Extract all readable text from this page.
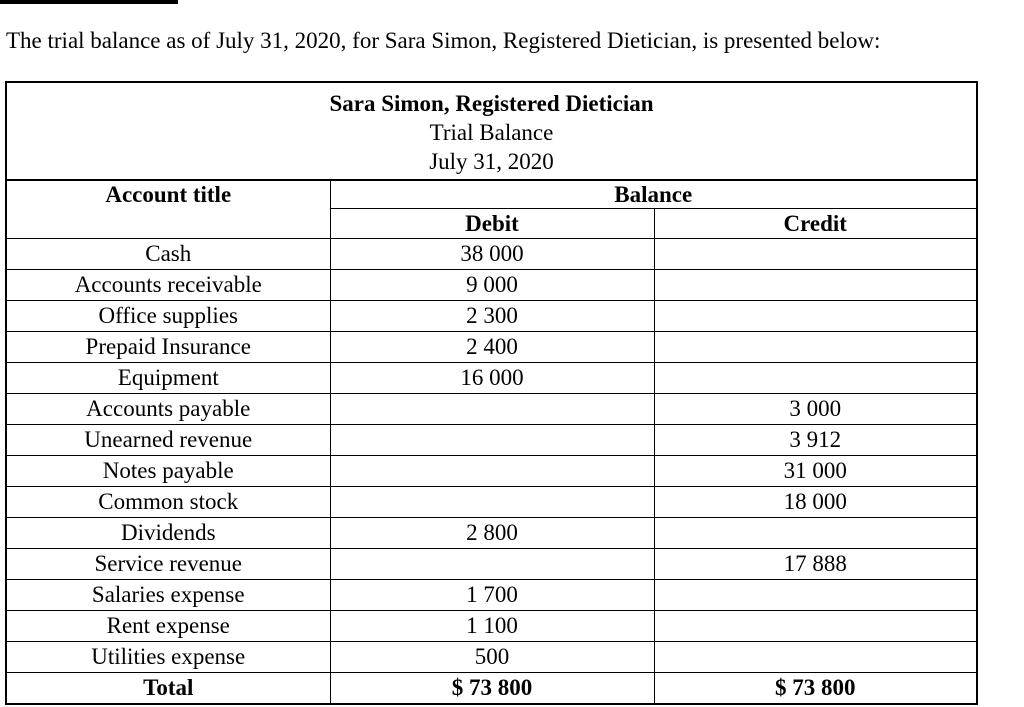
The trial balance as of July 31, 2020, for Sara Simon, Registered Dietician, is presented below:
Sara Simon, Registered Dietician
Trial Balance
July 31, 2020		

Account title	Balance	
	Debit	Credit
Cash	38 000	
Accounts receivable	9 000	
Office supplies	2 300	
Prepaid Insurance	2 400	
Equipment	16 000	
Accounts payable		3 000
Unearned revenue		3 912
Notes payable		31 000
Common stock		18 000
Dividends	2 800	
Service revenue		17 888
Salaries expense	1 700	
Rent expense	1 100	
Utilities expense	500	
Total	$ 73 800	$ 73 800
